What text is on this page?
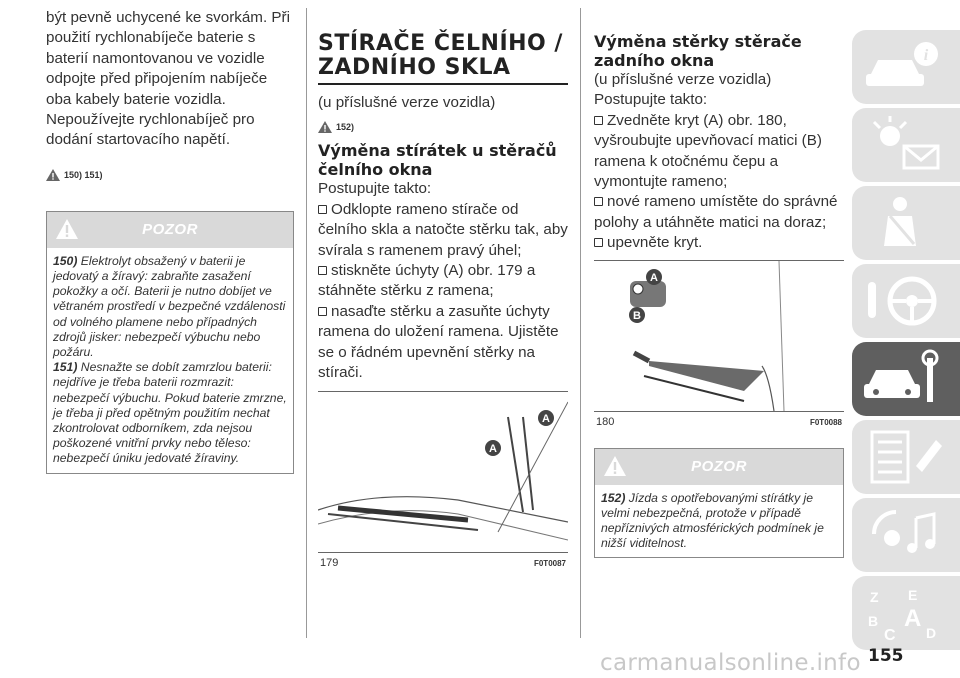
být pevně uchycené ke svorkám. Při použití rychlonabíječe baterie s baterií namontovanou ve vozidle odpojte před připojením nabíječe oba kabely baterie vozidla. Nepoužívejte rychlonabíječ pro dodání startovacího napětí.

150) 151)
POZOR
150) Elektrolyt obsažený v baterii je jedovatý a žíravý: zabraňte zasažení pokožky a očí. Baterii je nutno dobíjet ve větraném prostředí v bezpečné vzdálenosti od volného plamene nebo případných zdrojů jisker: nebezpečí výbuchu nebo požáru.
151) Nesnažte se dobít zamrzlou baterii: nejdříve je třeba baterii rozmrazit: nebezpečí výbuchu. Pokud baterie zmrzne, je třeba ji před opětným použitím nechat zkontrolovat odborníkem, zda nejsou poškozené vnitřní prvky nebo těleso: nebezpečí úniku jedovaté žíraviny.
STÍRAČE ČELNÍHO / ZADNÍHO SKLA

(u příslušné verze vozidla)

152)
Výměna stírátek u stěračů čelního okna

Postupujte takto:

Odklopte rameno stírače od čelního skla a natočte stěrku tak, aby svírala s ramenem pravý úhel;

stiskněte úchyty (A) obr. 179 a stáhněte stěrku z ramena;

nasaďte stěrku a zasuňte úchyty ramena do uložení ramena. Ujistěte se o řádném upevnění stěrky na stírači.

A
A
179	F0T0087
Výměna stěrky stěrače zadního okna

(u příslušné verze vozidla)

Postupujte takto:

Zvedněte kryt (A) obr. 180, vyšroubujte upevňovací matici (B) ramena k otočnému čepu a vymontujte rameno;

nové rameno umístěte do správné polohy a utáhněte matici na doraz;

upevněte kryt.

A
B
180	F0T0088
POZOR
152) Jízda s opotřebovanými stírátky je velmi nebezpečná, protože v případě nepříznivých atmosférických podmínek je nižší viditelnost.
i
Z E
A
B
C D
carmanualsonline.info 155
